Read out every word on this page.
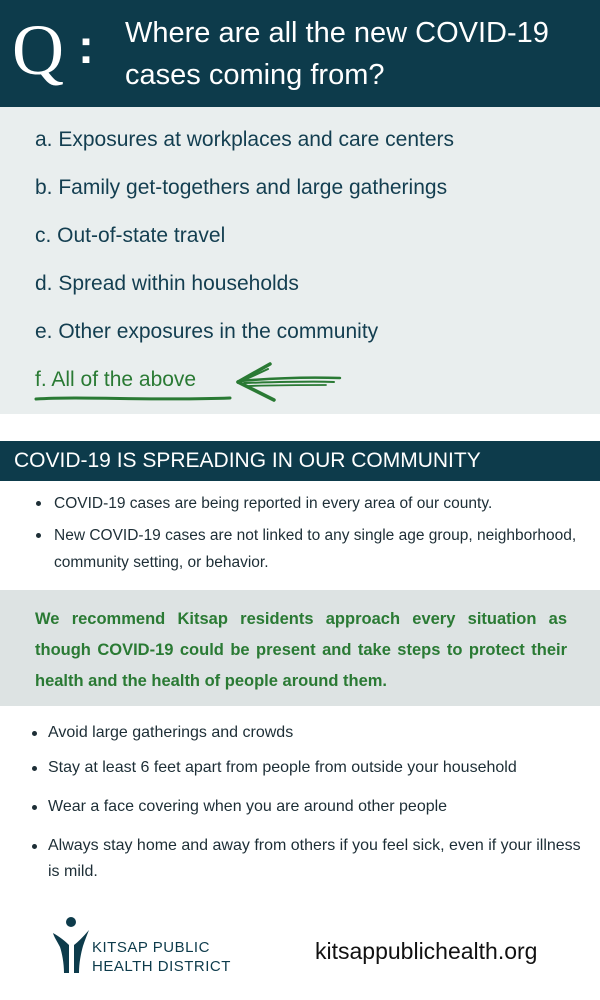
Q : Where are all the new COVID-19 cases coming from?
a. Exposures at workplaces and care centers
b. Family get-togethers and large gatherings
c. Out-of-state travel
d. Spread within households
e. Other exposures in the community
f. All of the above
COVID-19 IS SPREADING IN OUR COMMUNITY
COVID-19 cases are being reported in every area of our county.
New COVID-19 cases are not linked to any single age group, neighborhood, community setting, or behavior.
We recommend Kitsap residents approach every situation as though COVID-19 could be present and take steps to protect their health and the health of people around them.
Avoid large gatherings and crowds
Stay at least 6 feet apart from people from outside your household
Wear a face covering when you are around other people
Always stay home and away from others if you feel sick, even if your illness is mild.
KITSAP PUBLIC
HEALTH DISTRICT
kitsappublichealth.org
